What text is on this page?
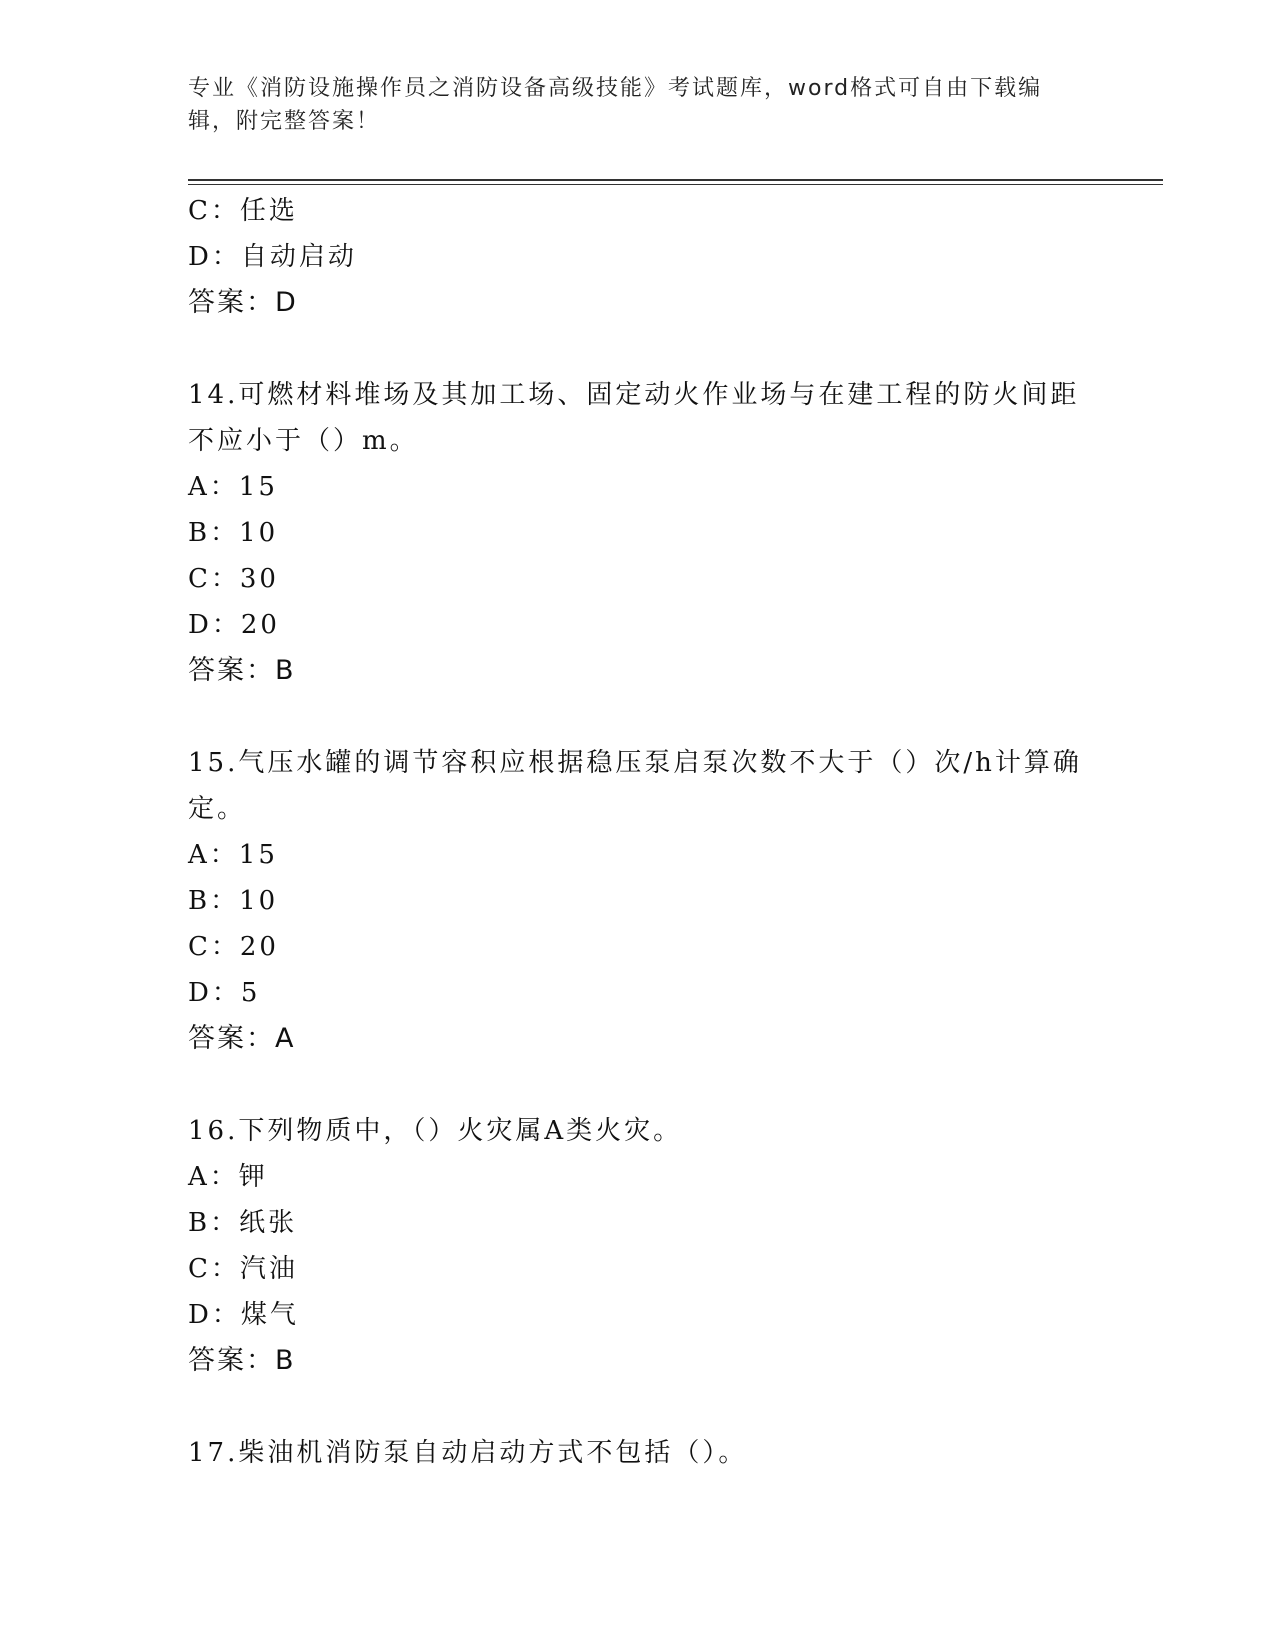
专业《消防设施操作员之消防设备高级技能》考试题库，word格式可自由下载编辑，附完整答案！
C：任选
D：自动启动
答案：D
14.可燃材料堆场及其加工场、固定动火作业场与在建工程的防火间距不应小于（）m。
A：15
B：10
C：30
D：20
答案：B
15.气压水罐的调节容积应根据稳压泵启泵次数不大于（）次/h计算确定。
A：15
B：10
C：20
D：5
答案：A
16.下列物质中，（）火灾属A类火灾。
A：钾
B：纸张
C：汽油
D：煤气
答案：B
17.柴油机消防泵自动启动方式不包括（）。
